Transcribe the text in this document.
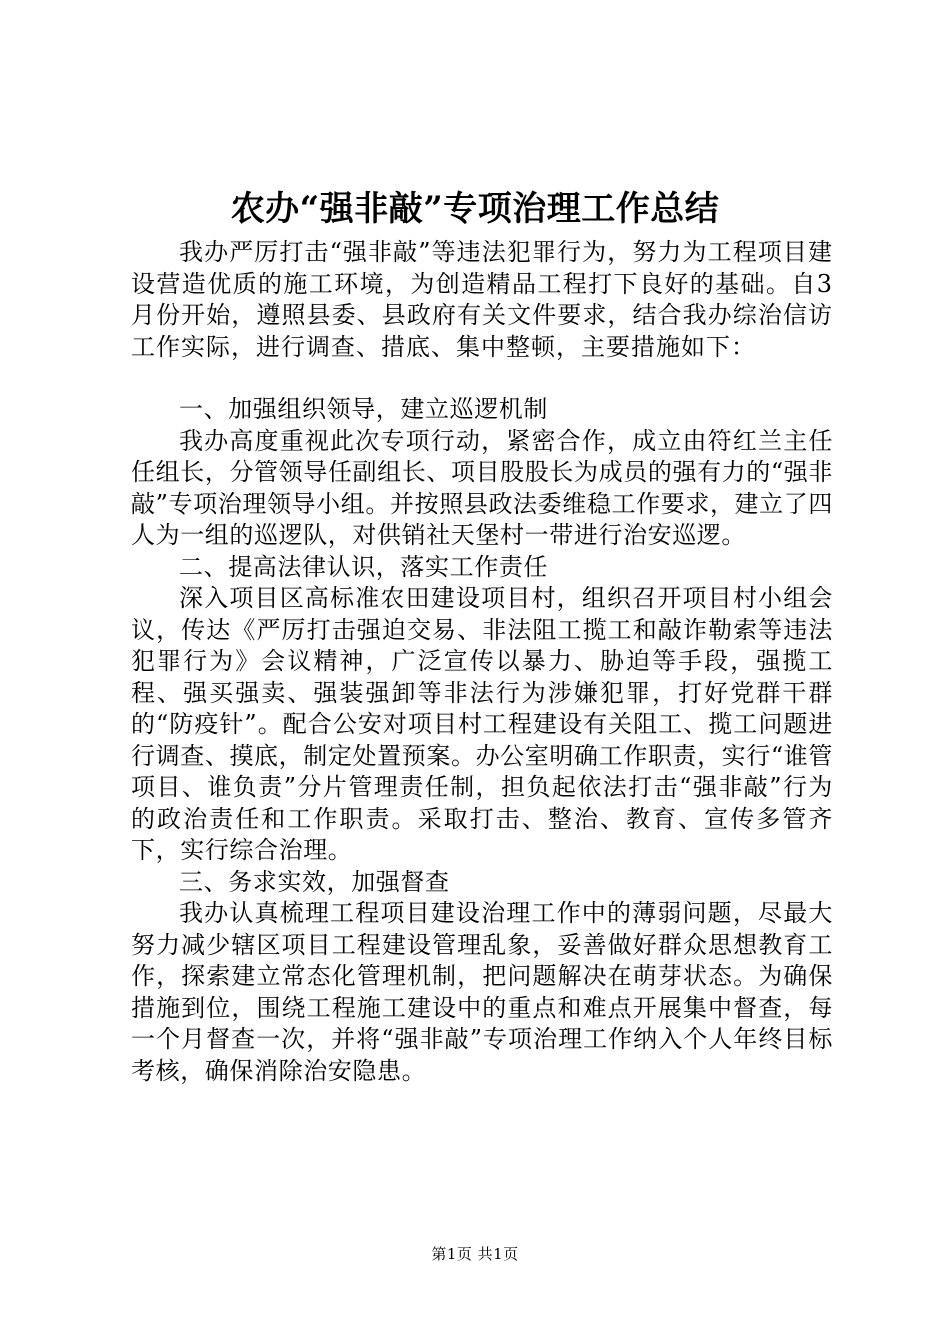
农办“强非敲”专项治理工作总结

我办严厉打击“强非敲”等违法犯罪行为，努力为工程项目建设营造优质的施工环境，为创造精品工程打下良好的基础。自3月份开始，遵照县委、县政府有关文件要求，结合我办综治信访工作实际，进行调查、措底、集中整顿，主要措施如下：

一、加强组织领导，建立巡逻机制

我办高度重视此次专项行动，紧密合作，成立由符红兰主任任组长，分管领导任副组长、项目股股长为成员的强有力的“强非敲”专项治理领导小组。并按照县政法委维稳工作要求，建立了四人为一组的巡逻队，对供销社天堡村一带进行治安巡逻。

二、提高法律认识，落实工作责任

深入项目区高标准农田建设项目村，组织召开项目村小组会议，传达《严厉打击强迫交易、非法阻工揽工和敲诈勒索等违法犯罪行为》会议精神，广泛宣传以暴力、胁迫等手段，强揽工程、强买强卖、强装强卸等非法行为涉嫌犯罪，打好党群干群的“防疫针”。配合公安对项目村工程建设有关阻工、揽工问题进行调查、摸底，制定处置预案。办公室明确工作职责，实行“谁管项目、谁负责”分片管理责任制，担负起依法打击“强非敲”行为的政治责任和工作职责。采取打击、整治、教育、宣传多管齐下，实行综合治理。

三、务求实效，加强督查

我办认真梳理工程项目建设治理工作中的薄弱问题，尽最大努力减少辖区项目工程建设管理乱象，妥善做好群众思想教育工作，探索建立常态化管理机制，把问题解决在萌芽状态。为确保措施到位，围绕工程施工建设中的重点和难点开展集中督查，每一个月督查一次，并将“强非敲”专项治理工作纳入个人年终目标考核，确保消除治安隐患。

第1页 共1页
